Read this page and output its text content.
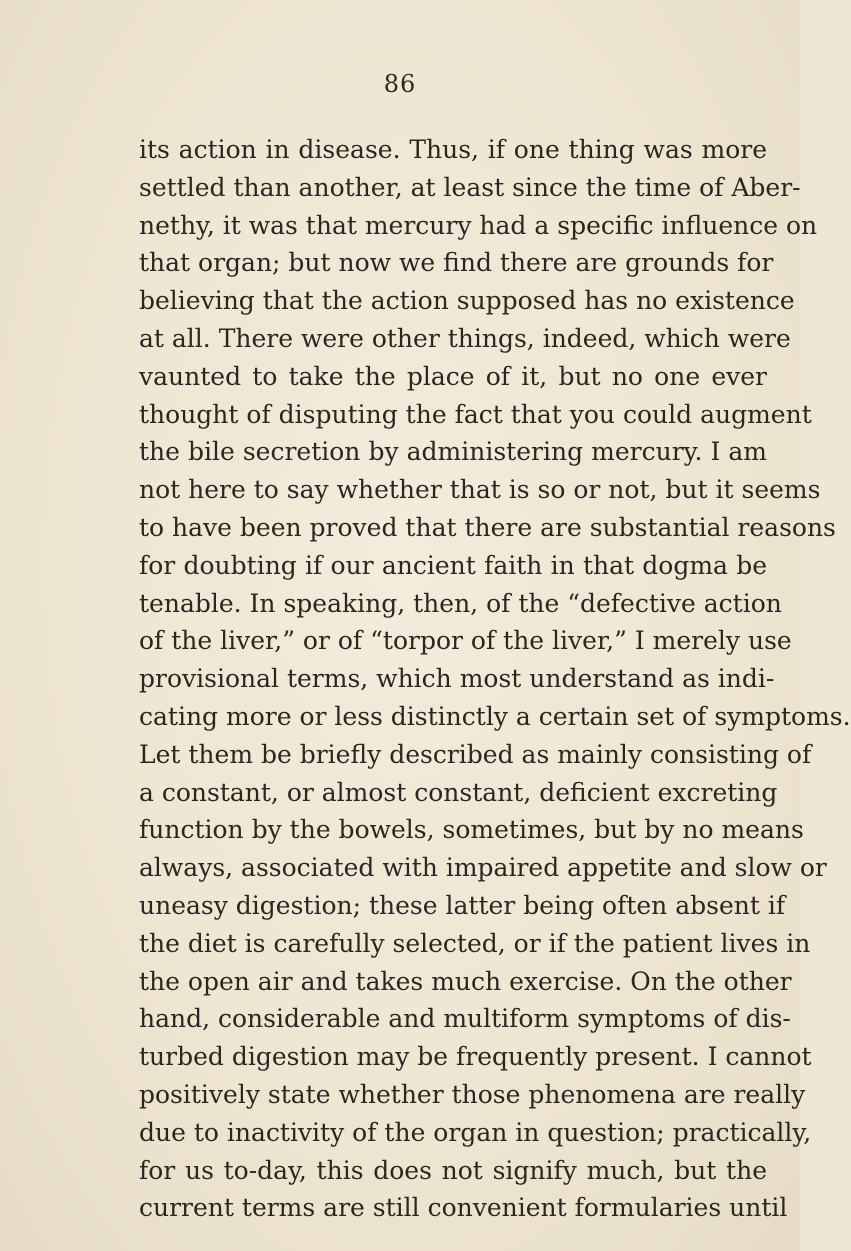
86
its action in disease. Thus, if one thing was more
settled than another, at least since the time of Aber-
nethy, it was that mercury had a specific influence on
that organ; but now we find there are grounds for
believing that the action supposed has no existence
at all. There were other things, indeed, which were
vaunted to take the place of it, but no one ever
thought of disputing the fact that you could augment
the bile secretion by administering mercury. I am
not here to say whether that is so or not, but it seems
to have been proved that there are substantial reasons
for doubting if our ancient faith in that dogma be
tenable. In speaking, then, of the “defective action
of the liver,” or of “torpor of the liver,” I merely use
provisional terms, which most understand as indi-
cating more or less distinctly a certain set of symptoms.
Let them be briefly described as mainly consisting of
a constant, or almost constant, deficient excreting
function by the bowels, sometimes, but by no means
always, associated with impaired appetite and slow or
uneasy digestion; these latter being often absent if
the diet is carefully selected, or if the patient lives in
the open air and takes much exercise. On the other
hand, considerable and multiform symptoms of dis-
turbed digestion may be frequently present. I cannot
positively state whether those phenomena are really
due to inactivity of the organ in question; practically,
for us to-day, this does not signify much, but the
current terms are still convenient formularies until
